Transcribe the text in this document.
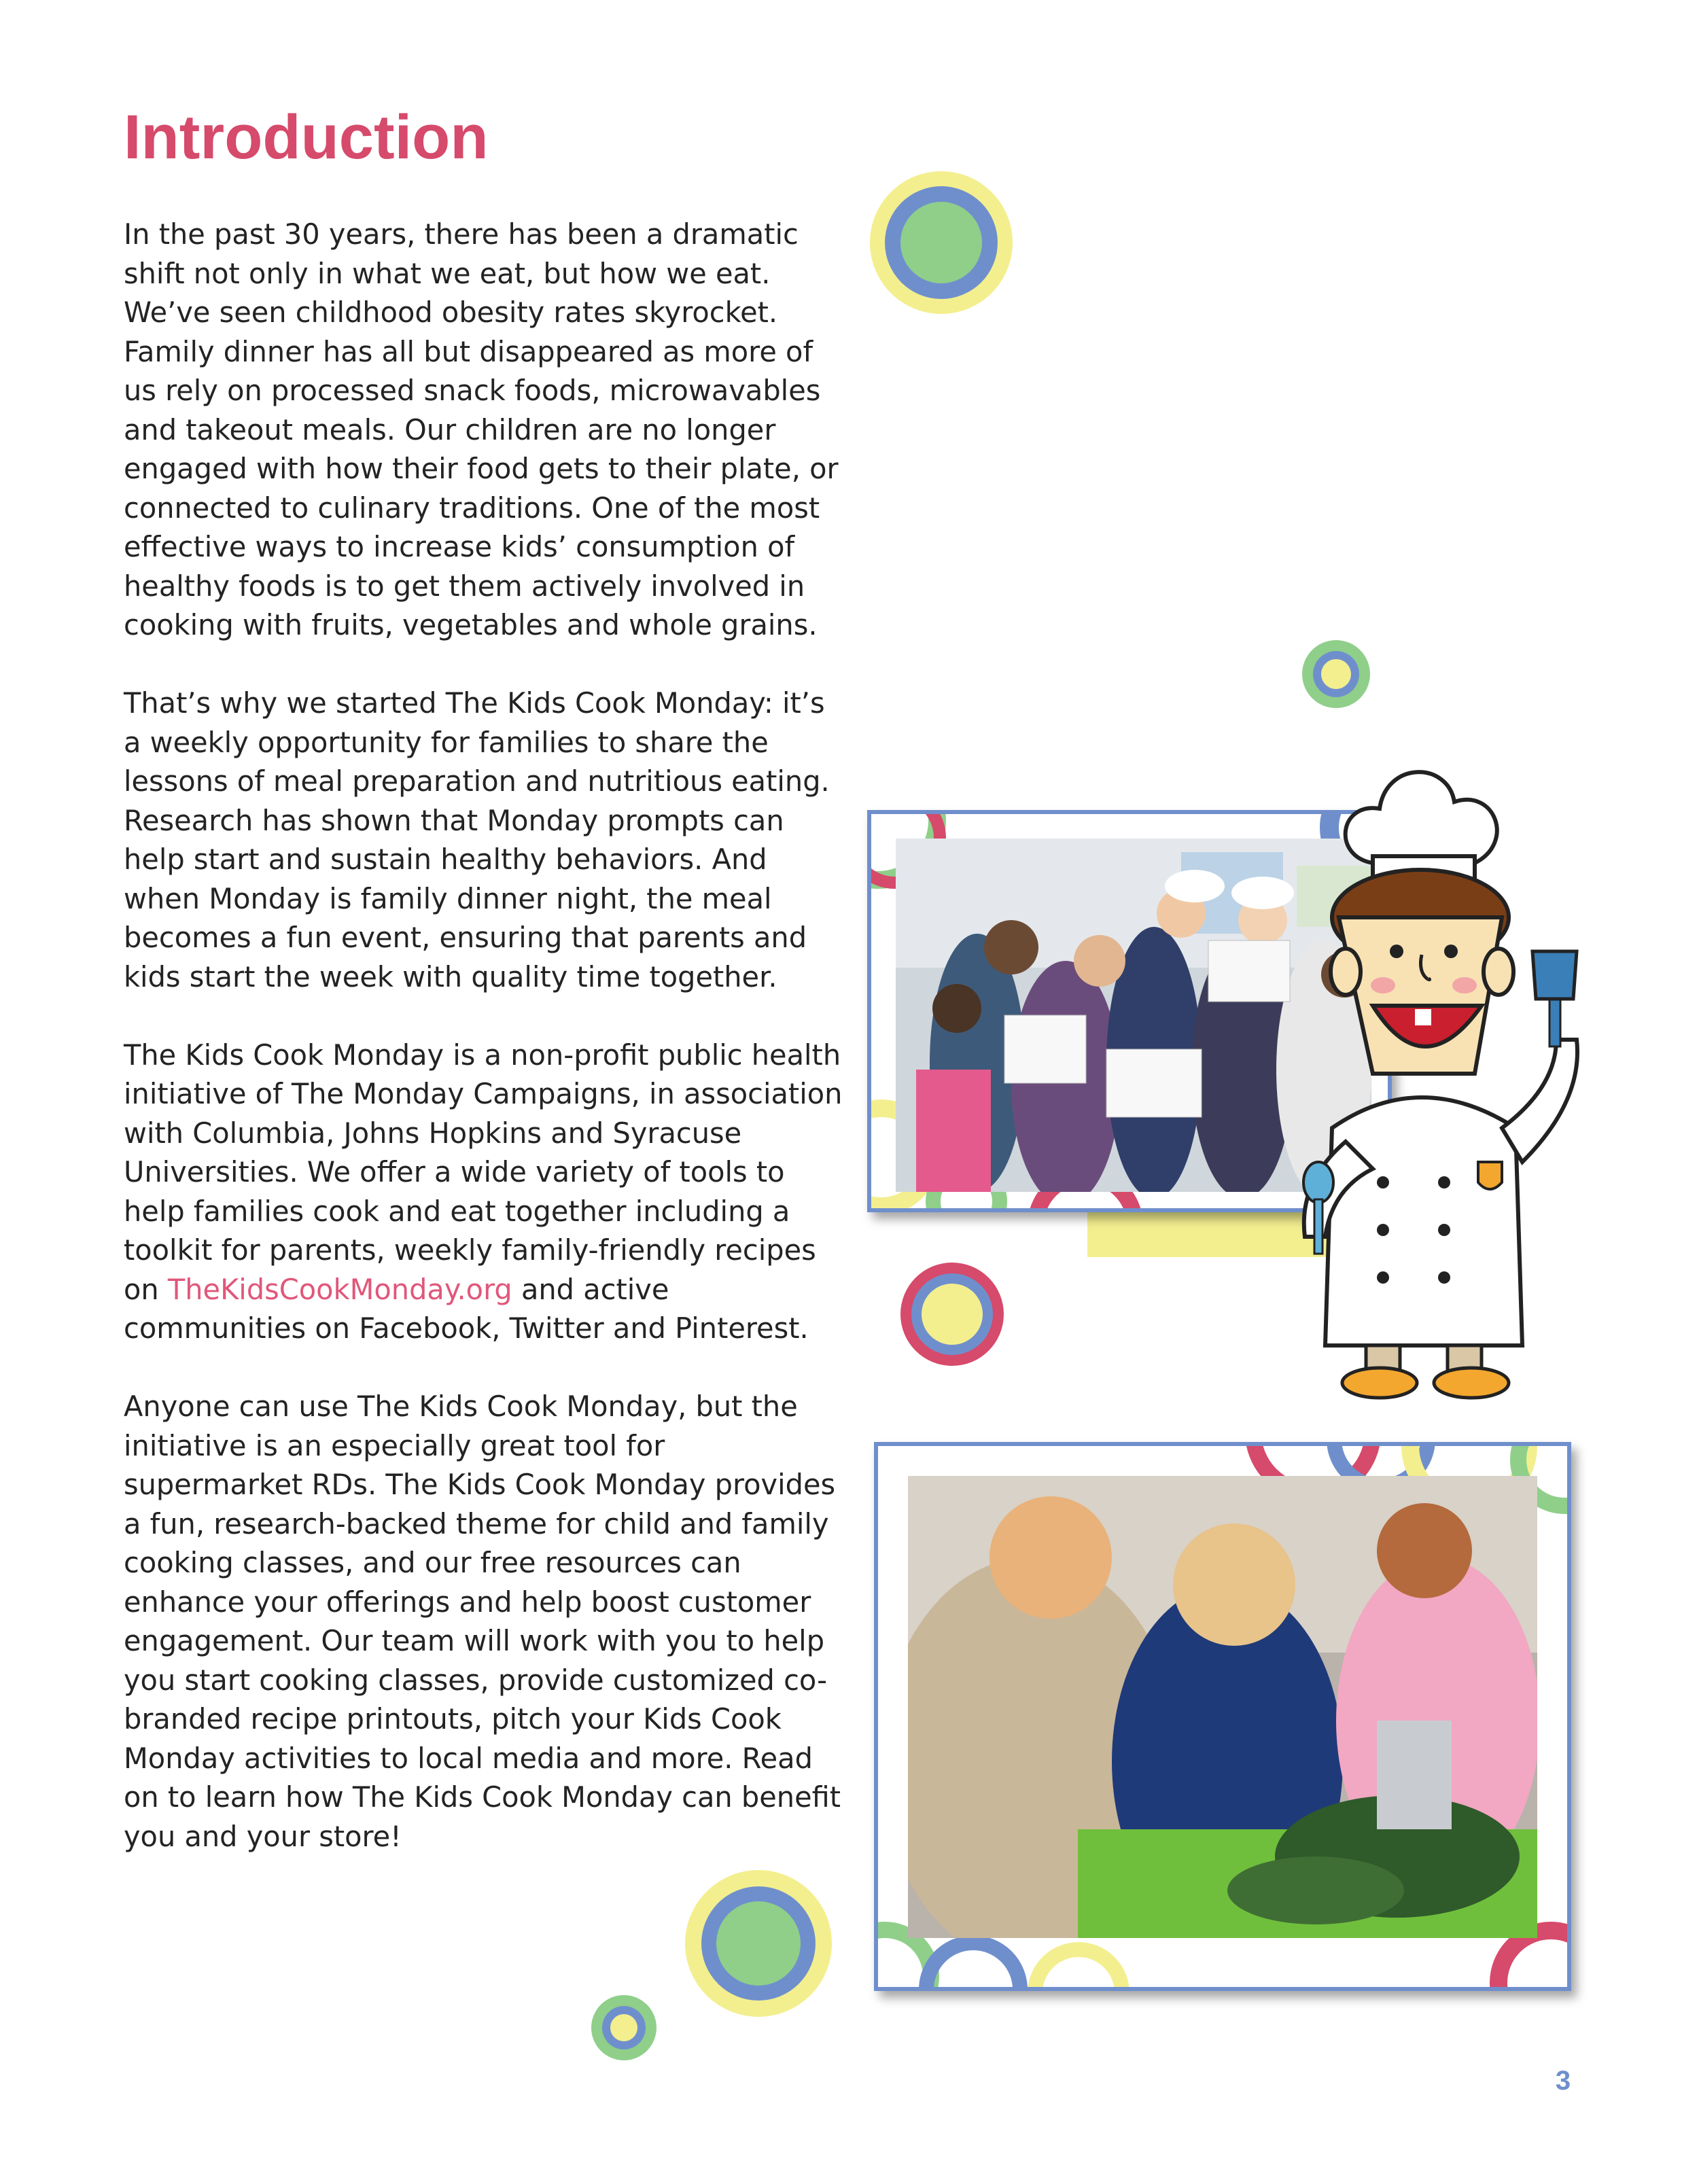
Introduction

In the past 30 years, there has been a dramatic shift not only in what we eat, but how we eat. We’ve seen childhood obesity rates skyrocket. Family dinner has all but disappeared as more of us rely on processed snack foods, microwavables and takeout meals. Our children are no longer engaged with how their food gets to their plate, or connected to culinary traditions. One of the most effective ways to increase kids’ consumption of healthy foods is to get them actively involved in cooking with fruits, vegetables and whole grains.

That’s why we started The Kids Cook Monday: it’s a weekly opportunity for families to share the lessons of meal preparation and nutritious eating. Research has shown that Monday prompts can help start and sustain healthy behaviors. And when Monday is family dinner night, the meal becomes a fun event, ensuring that parents and kids start the week with quality time together.

The Kids Cook Monday is a non-profit public health initiative of The Monday Campaigns, in association with Columbia, Johns Hopkins and Syracuse Universities. We offer a wide variety of tools to help families cook and eat together including a toolkit for parents, weekly family-friendly recipes on TheKidsCookMonday.org and active communities on Facebook, Twitter and Pinterest.

Anyone can use The Kids Cook Monday, but the initiative is an especially great tool for supermarket RDs. The Kids Cook Monday provides a fun, research-backed theme for child and family cooking classes, and our free resources can enhance your offerings and help boost customer engagement. Our team will work with you to help you start cooking classes, provide customized co-branded recipe printouts, pitch your Kids Cook Monday activities to local media and more. Read on to learn how The Kids Cook Monday can benefit you and your store!

3
